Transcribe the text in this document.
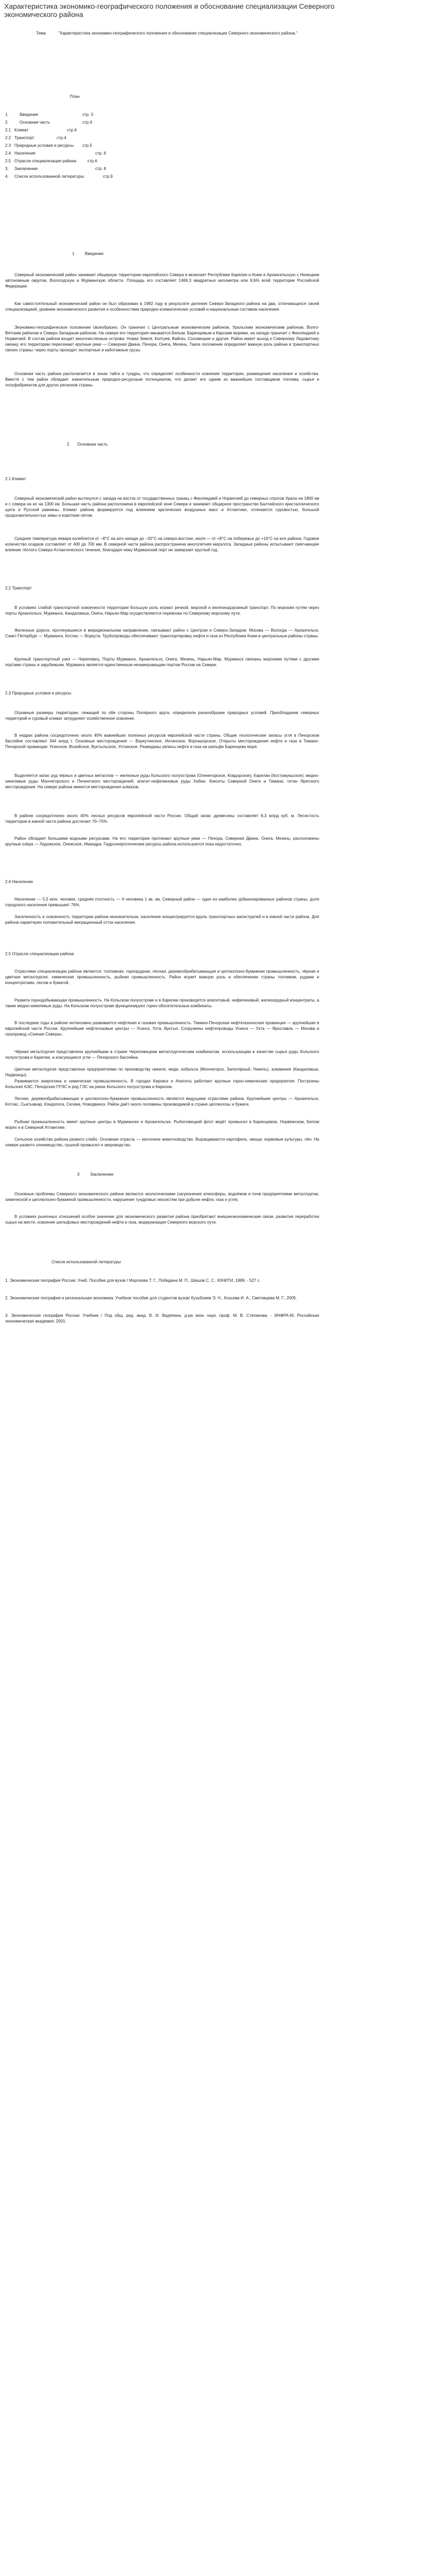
Характеристика экономико-географического положения и обоснование специализации Северного экономического района
Тема	"Характеристика экономико-географического положения и обоснование специализации Северного экономического района."
План
1.	Введение	стр. 3
2.	Основная часть	стр.4
2.1 Климат	стр.4
2.2 Транспорт	стр.4
2.3 Природные условия и ресурсы стр.5
2.4 Население	стр. 6
2.5 Отрасли специализации района	стр.6
3. Заключение	стр. 8
4. Список использованной литературы	стр.9
1	Введение
Северный экономический район занимает общирную территорию европейского Севера в включает Республики Карелия и Коми и Архангельскую с Ненецким автономным округом, Вологодскую и Мурманскую области. Площадь его составляет 1466,3 квадратных километра или 8,6% всей территории Российской Федерации.
Как самостоятельный экономический район он был образован в 1982 году в результате деления Северо-Западного района на два, отличающихся своей специализацией, уровнем экономического развития и особенностями природно-климатических условий и национальным составом населения.
Экономико-географическое положение своеобразно. Он граничит с Центральным экономическим районом, Уральским экономическим районом, Волго-Вятским районом и Северо-Западным районом. На севере его территория омывается Белым, Баренцевым и Карским морями, на западе граничит с Финляндией и Норвегией. В состав района входят многочисленные острова: Новая Земля, Колгуев, Вайгач, Соловецкие и другие. Район имеет выход к Северному Ледовитому океану, его территорию пересекают крупные реки — Северная Двина, Печора, Онега, Мезень. Такое положение определяет важную роль района в транспортных связях страны: через порты проходят экспортные и каботажные грузы.
Основная часть района располагается в зонах тайги и тундры, что определяет особенности освоения территории, размещения населения и хозяйства. Вместе с тем район обладает значительным природно-ресурсным потенциалом, что делает его одним из важнейших поставщиков топлива, сырья и полуфабрикатов для других регионов страны.
2 Основная часть
2.1 Климат
Северный экономический район вытянулся с запада на восток от государственных границ с Финляндией и Норвегией до северных отрогов Урала на 1800 км и с севера на юг на 1300 км. Большая часть района расположена в европейской зоне Севера и занимает общирное пространство Балтийского кристаллического щита и Русской равнины. Климат района формируется под влиянием арктических воздушных масс и Атлантики, отличается суровостью, большой продолжительностью зимы и коротким летом.
Средняя температура января колеблется от −8°С на юго-западе до −20°С на северо-востоке, июля — от +8°С на побережье до +16°С на юге района. Годовое количество осадков составляет от 400 до 700 мм. В северной части района распространена многолетняя мерзлота. Западные районы испытывают смягчающее влияние тёплого Северо-Атлантического течения, благодаря чему Мурманский порт не замерзает круглый год.
2.2 Транспорт
В условиях слабой транспортной освоенности территории большую роль играют речной, морской и железнодорожный транспорт. По морским путям через порты Архангельск, Мурманск, Кандалакша, Онега, Нарьян-Мар осуществляются перевозки по Северному морскому пути.
Железные дороги, протянувшиеся в меридиональном направлении, связывают район с Центром и Северо-Западом: Москва — Вологда — Архангельск, Санкт-Петербург — Мурманск, Котлас — Воркута. Трубопроводы обеспечивают транспортировку нефти и газа из Республики Коми в центральные районы страны.
Крупный транспортный узел — Череповец. Порты Мурманск, Архангельск, Онега, Мезень, Нарьян-Мар, Мурманск связаны морскими путями с другими портами страны и зарубежьем. Мурманск является единственным незамерзающим портом России на Севере.
2.3 Природные условия и ресурсы
Огромные размеры территории, лежащей по обе стороны Полярного круга, определили разнообразие природных условий. Преобладание северных территорий и суровый климат затрудняют хозяйственное освоение.
В недрах района сосредоточено около 40% важнейших полезных ресурсов европейской части страны. Общие геологические запасы угля в Печорском бассейне составляют 344 млрд т. Основные месторождения — Воркутинское, Интинское, Воргашорское. Открыты месторождения нефти и газа в Тимано-Печорской провинции: Усинское, Возейское, Вуктыльское, Ухтинское. Разведаны запасы нефти и газа на шельфе Баренцева моря.
Выделяется запас руд чёрных и цветных металлов — железные руды Кольского полуострова (Оленегорское, Ковдорское), Карелии (Костомукшское); медно-никелевые руды Мончегорского и Печенгского месторождений; апатит-нефелиновые руды Хибин; бокситы Северной Онеги и Тимана; титан Ярегского месторождения. На севере района имеются месторождения алмазов.
В районе сосредоточено около 40% лесных ресурсов европейской части России. Общий запас древесины составляет 8,3 млрд куб. м. Лесистость территории в южной части района достигает 70–75%.
Район обладает большими водными ресурсами. На его территории протекают крупные реки — Печора, Северная Двина, Онега, Мезень; расположены крупные озёра — Ладожское, Онежское, Имандра. Гидроэнергетические ресурсы района используются пока недостаточно.
2.4 Население
Население — 5,5 млн. человек, средняя плотность — 4 человека 1 кв. км. Северный район — один из наиболее урбанизированных районов страны, доля городского населения превышает 76%.
Заселенность и освоенность территории района незначительна, население концентрируется вдоль транспортных магистралей и в южной части района. Для района характерен положительный миграционный отток населения.
2.5 Отрасли специализации района
Отраслями специализации района являются: топливная, горнорудная, лесная, деревообрабатывающая и целлюлозно-бумажная промышленность, чёрная и цветная металлургия, химическая промышленность, рыбная промышленность. Район играет важную роль в обеспечении страны топливом, рудами и концентратами, лесом и бумагой.
Развита горнодобывающая промышленность. На Кольском полуострове и в Карелии производятся апатитовый, нефелиновый, железорудный концентраты, а также медно-никелевые руды. На Кольском полуострове функционируют горно-обогатительные комбинаты.
В последние годы в районе интенсивно развивается нефтяная и газовая промышленность. Тимано-Печорская нефтегазоносная провинция — крупнейшая в европейской части России. Крупнейшие нефтегазовые центры — Усинск, Ухта, Вуктыл. Сооружены нефтепроводы Усинск — Ухта — Ярославль — Москва и газопровод «Сияние Севера».
Чёрная металлургия представлена крупнейшим в стране Череповецким металлургическим комбинатом, использующим в качестве сырья руды Кольского полуострова и Карелии, а коксующиеся угли — Печорского бассейна.
Цветная металлургия представлена предприятиями по производству никеля, меди, кобальта (Мончегорск, Заполярный, Никель), алюминия (Кандалакша, Надвоицы).
Развивается энергетика и химическая промышленность. В городах Кировск и Апатиты работают крупные горно-химические предприятия. Построены Кольская АЭС, Печорская ГРЭС и ряд ГЭС на реках Кольского полуострова и Карелии.
Лесная, деревообрабатывающая и целлюлозно-бумажная промышленность являются ведущими отраслями района. Крупнейшие центры — Архангельск, Котлас, Сыктывкар, Кондопога, Сегежа, Новодвинск. Район даёт около половины производимой в стране целлюлозы и бумаги.
Рыбная промышленность имеет крупные центры в Мурманске и Архангельске. Рыболовецкий флот ведёт промысел в Баренцевом, Норвежском, Белом морях и в Северной Атлантике.
Сельское хозяйство района развито слабо. Основная отрасль — молочное животноводство. Выращиваются картофель, овощи, кормовые культуры, лён. На севере развито оленеводство, пушной промысел и звероводство.
3	Заключение
Основные проблемы Северного экономического района являются экологическими (загрязнение атмосферы, водоёмов и почв предприятиями металлургии, химической и целлюлозно-бумажной промышленности, нарушение тундровых экосистем при добыче нефти, газа и угля).
В условиях рыночных отношений особое значение для экономического развития района приобретают внешнеэкономические связи, развитие переработки сырья на месте, освоение шельфовых месторождений нефти и газа, модернизация Северного морского пути.
Список использованной литературы
1. Экономическая география России: Учеб. Пособие для вузов / Морозова Т. Г., Победина М. П., Шишов С. С.: ЮНИТИ, 1999. - 527 с.
2. Экономическая география и региональная экономика: Учебное пособие для студентов вузов/ Кузьбожев Э. Н., Козьева И. А., Световцева М. Г., 2005.
3. Экономическая география России: Учебник / Под общ. ред. акад. В. И. Видяпина, д-ра экон. наук, проф. М. В. Степанова. - ИНФРА-М, Российская экономическая академия, 2001.
